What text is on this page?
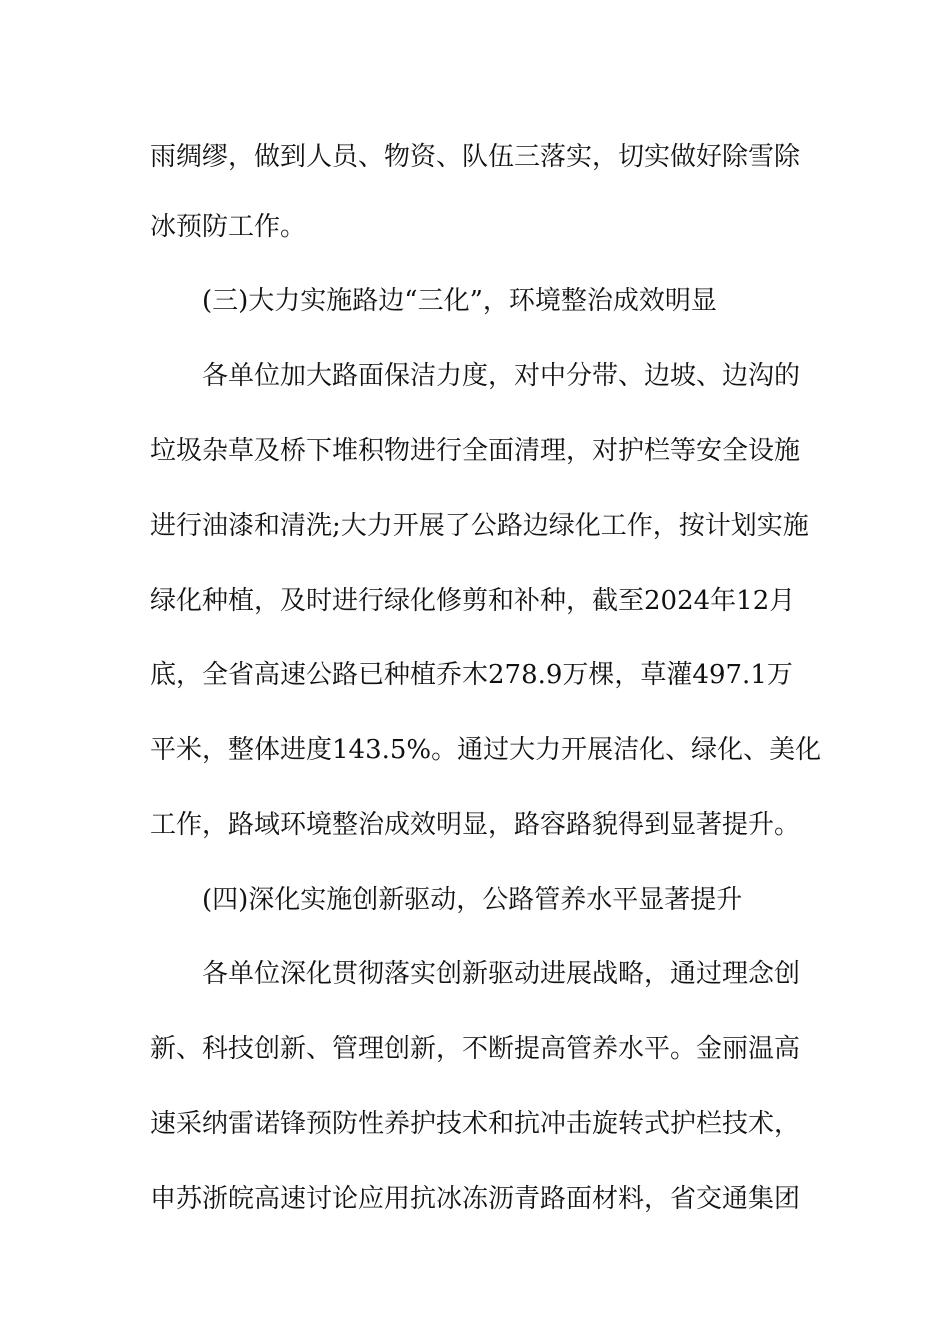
雨绸缪，做到人员、物资、队伍三落实，切实做好除雪除
冰预防工作。
(三)大力实施路边“三化”，环境整治成效明显
各单位加大路面保洁力度，对中分带、边坡、边沟的
垃圾杂草及桥下堆积物进行全面清理，对护栏等安全设施
进行油漆和清洗;大力开展了公路边绿化工作，按计划实施
绿化种植，及时进行绿化修剪和补种，截至2024年12月
底，全省高速公路已种植乔木278.9万棵，草灌497.1万
平米，整体进度143.5%。通过大力开展洁化、绿化、美化
工作，路域环境整治成效明显，路容路貌得到显著提升。
(四)深化实施创新驱动，公路管养水平显著提升
各单位深化贯彻落实创新驱动进展战略，通过理念创
新、科技创新、管理创新，不断提高管养水平。金丽温高
速采纳雷诺锋预防性养护技术和抗冲击旋转式护栏技术，
申苏浙皖高速讨论应用抗冰冻沥青路面材料，省交通集团
